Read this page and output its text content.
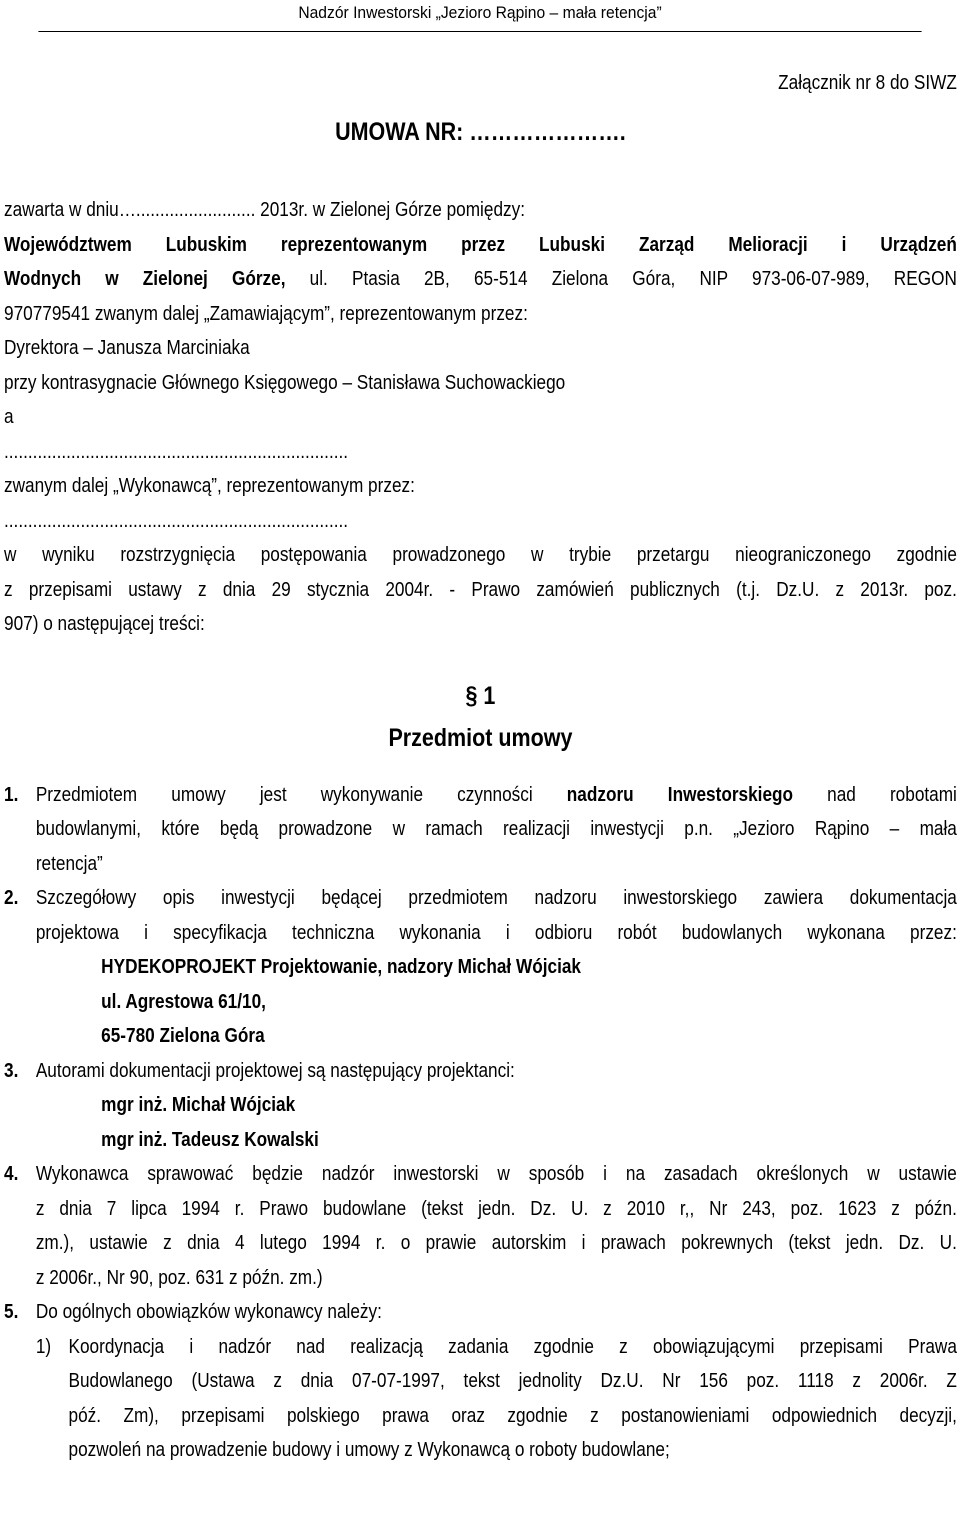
Nadzór Inwestorski „Jezioro Rąpino – mała retencja”
Załącznik nr 8 do SIWZ
UMOWA NR: ………………….
zawarta w dniu…......................... 2013r. w Zielonej Górze pomiędzy:
Województwem Lubuskim reprezentowanym przez Lubuski Zarząd Melioracji i Urządzeń
Wodnych w Zielonej Górze, ul. Ptasia 2B, 65-514 Zielona Góra, NIP 973-06-07-989, REGON
970779541 zwanym dalej „Zamawiającym”, reprezentowanym przez:
Dyrektora – Janusza Marciniaka
przy kontrasygnacie Głównego Księgowego – Stanisława Suchowackiego
a
........................................................................
zwanym dalej „Wykonawcą”, reprezentowanym przez:
........................................................................
w wyniku rozstrzygnięcia postępowania prowadzonego w trybie przetargu nieograniczonego zgodnie
z przepisami ustawy z dnia 29 stycznia 2004r. - Prawo zamówień publicznych (t.j. Dz.U. z 2013r. poz.
907) o następującej treści:
§ 1
Przedmiot umowy
1. Przedmiotem umowy jest wykonywanie czynności nadzoru Inwestorskiego nad robotami
budowlanymi, które będą prowadzone w ramach realizacji inwestycji p.n. „Jezioro Rąpino – mała
retencja”
2. Szczegółowy opis inwestycji będącej przedmiotem nadzoru inwestorskiego zawiera dokumentacja
projektowa i specyfikacja techniczna wykonania i odbioru robót budowlanych wykonana przez:
HYDEKOPROJEKT Projektowanie, nadzory Michał Wójciak
ul. Agrestowa 61/10,
65-780 Zielona Góra
3. Autorami dokumentacji projektowej są następujący projektanci:
mgr inż. Michał Wójciak
mgr inż. Tadeusz Kowalski
4. Wykonawca sprawować będzie nadzór inwestorski w sposób i na zasadach określonych w ustawie
z dnia 7 lipca 1994 r. Prawo budowlane (tekst jedn. Dz. U. z 2010 r,, Nr 243, poz. 1623 z późn.
zm.), ustawie z dnia 4 lutego 1994 r. o prawie autorskim i prawach pokrewnych (tekst jedn. Dz. U.
z 2006r., Nr 90, poz. 631 z późn. zm.)
5. Do ogólnych obowiązków wykonawcy należy:
1) Koordynacja i nadzór nad realizacją zadania zgodnie z obowiązującymi przepisami Prawa
Budowlanego (Ustawa z dnia 07-07-1997, tekst jednolity Dz.U. Nr 156 poz. 1118 z 2006r. Z
póź. Zm), przepisami polskiego prawa oraz zgodnie z postanowieniami odpowiednich decyzji,
pozwoleń na prowadzenie budowy i umowy z Wykonawcą o roboty budowlane;
